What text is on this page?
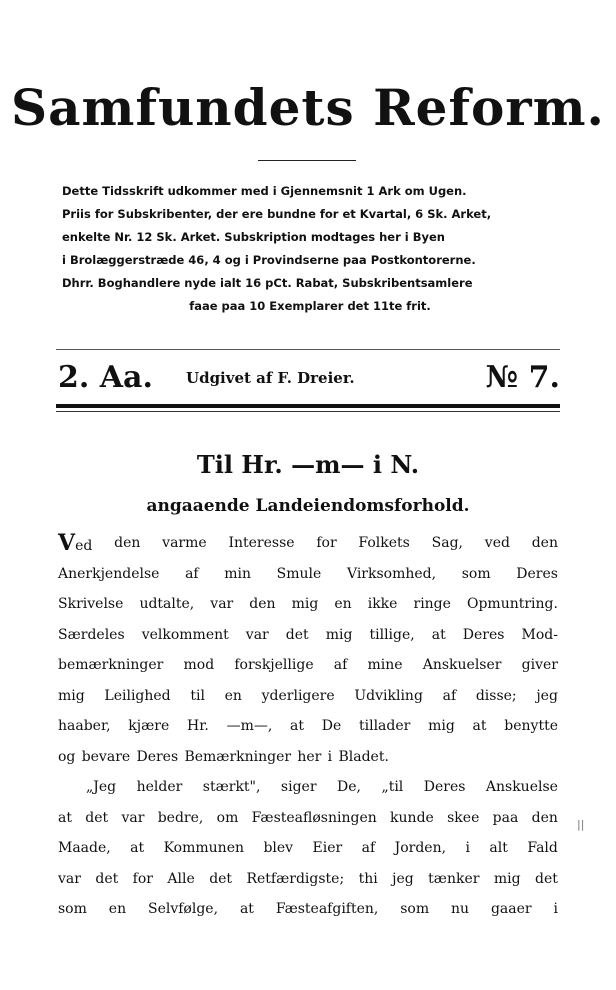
Samfundets Reform.
Dette Tidsskrift udkommer med i Gjennemsnit 1 Ark om Ugen.
Priis for Subskribenter, der ere bundne for et Kvartal, 6 Sk. Arket,
enkelte Nr. 12 Sk. Arket. Subskription modtages her i Byen
i Brolæggerstræde 46, 4 og i Provindserne paa Postkontorerne.
Dhrr. Boghandlere nyde ialt 16 pCt. Rabat, Subskribentsamlere
faae paa 10 Exemplarer det 11te frit.
2. Aa. Udgivet af F. Dreier.	№ 7.
Til Hr. —m— i N.
angaaende Landeiendomsforhold.
Ved den varme Interesse for Folkets Sag, ved den
Anerkjendelse af min Smule Virksomhed, som Deres
Skrivelse udtalte, var den mig en ikke ringe Opmuntring.
Særdeles velkomment var det mig tillige, at Deres Mod-
bemærkninger mod forskjellige af mine Anskuelser giver
mig Leilighed til en yderligere Udvikling af disse; jeg
haaber, kjære Hr. —m—, at De tillader mig at benytte
og bevare Deres Bemærkninger her i Bladet.
„Jeg helder stærkt", siger De, „til Deres Anskuelse
at det var bedre, om Fæsteafløsningen kunde skee paa den
Maade, at Kommunen blev Eier af Jorden, i alt Fald
var det for Alle det Retfærdigste; thi jeg tænker mig det
som en Selvfølge, at Fæsteafgiften, som nu gaaer i
||
